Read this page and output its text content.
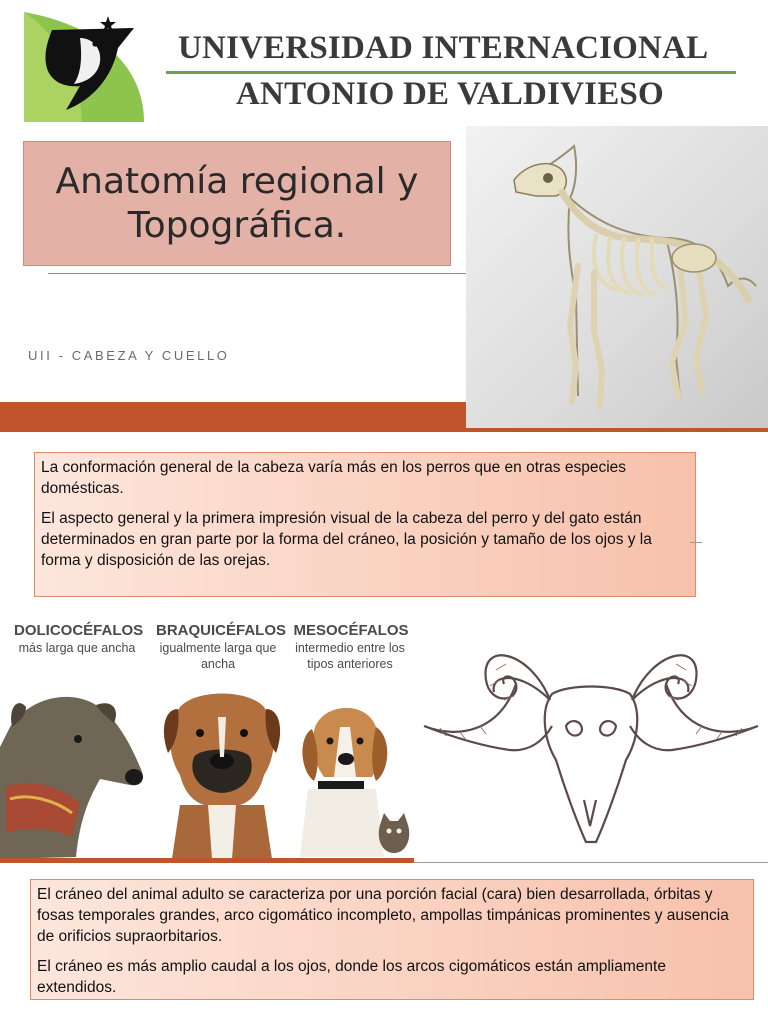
UNIVERSIDAD INTERNACIONAL
ANTONIO DE VALDIVIESO
Anatomía regional y Topográfica.
UII - CABEZA Y CUELLO

La conformación general de la cabeza varía más en los perros que en otras especies domésticas.

El aspecto general y la primera impresión visual de la cabeza del perro y del gato están determinados en gran parte por la forma del cráneo, la posición y tamaño de los ojos y la forma y disposición de las orejas.

DOLICOCÉFALOS
más larga que ancha
BRAQUICÉFALOS
igualmente larga que ancha
MESOCÉFALOS
intermedio entre los tipos anteriores

El cráneo del animal adulto se caracteriza por una porción facial (cara) bien desarrollada, órbitas y fosas temporales grandes, arco cigomático incompleto, ampollas timpánicas prominentes y ausencia de orificios supraorbitarios.

El cráneo es más amplio caudal a los ojos, donde los arcos cigomáticos están ampliamente extendidos.
